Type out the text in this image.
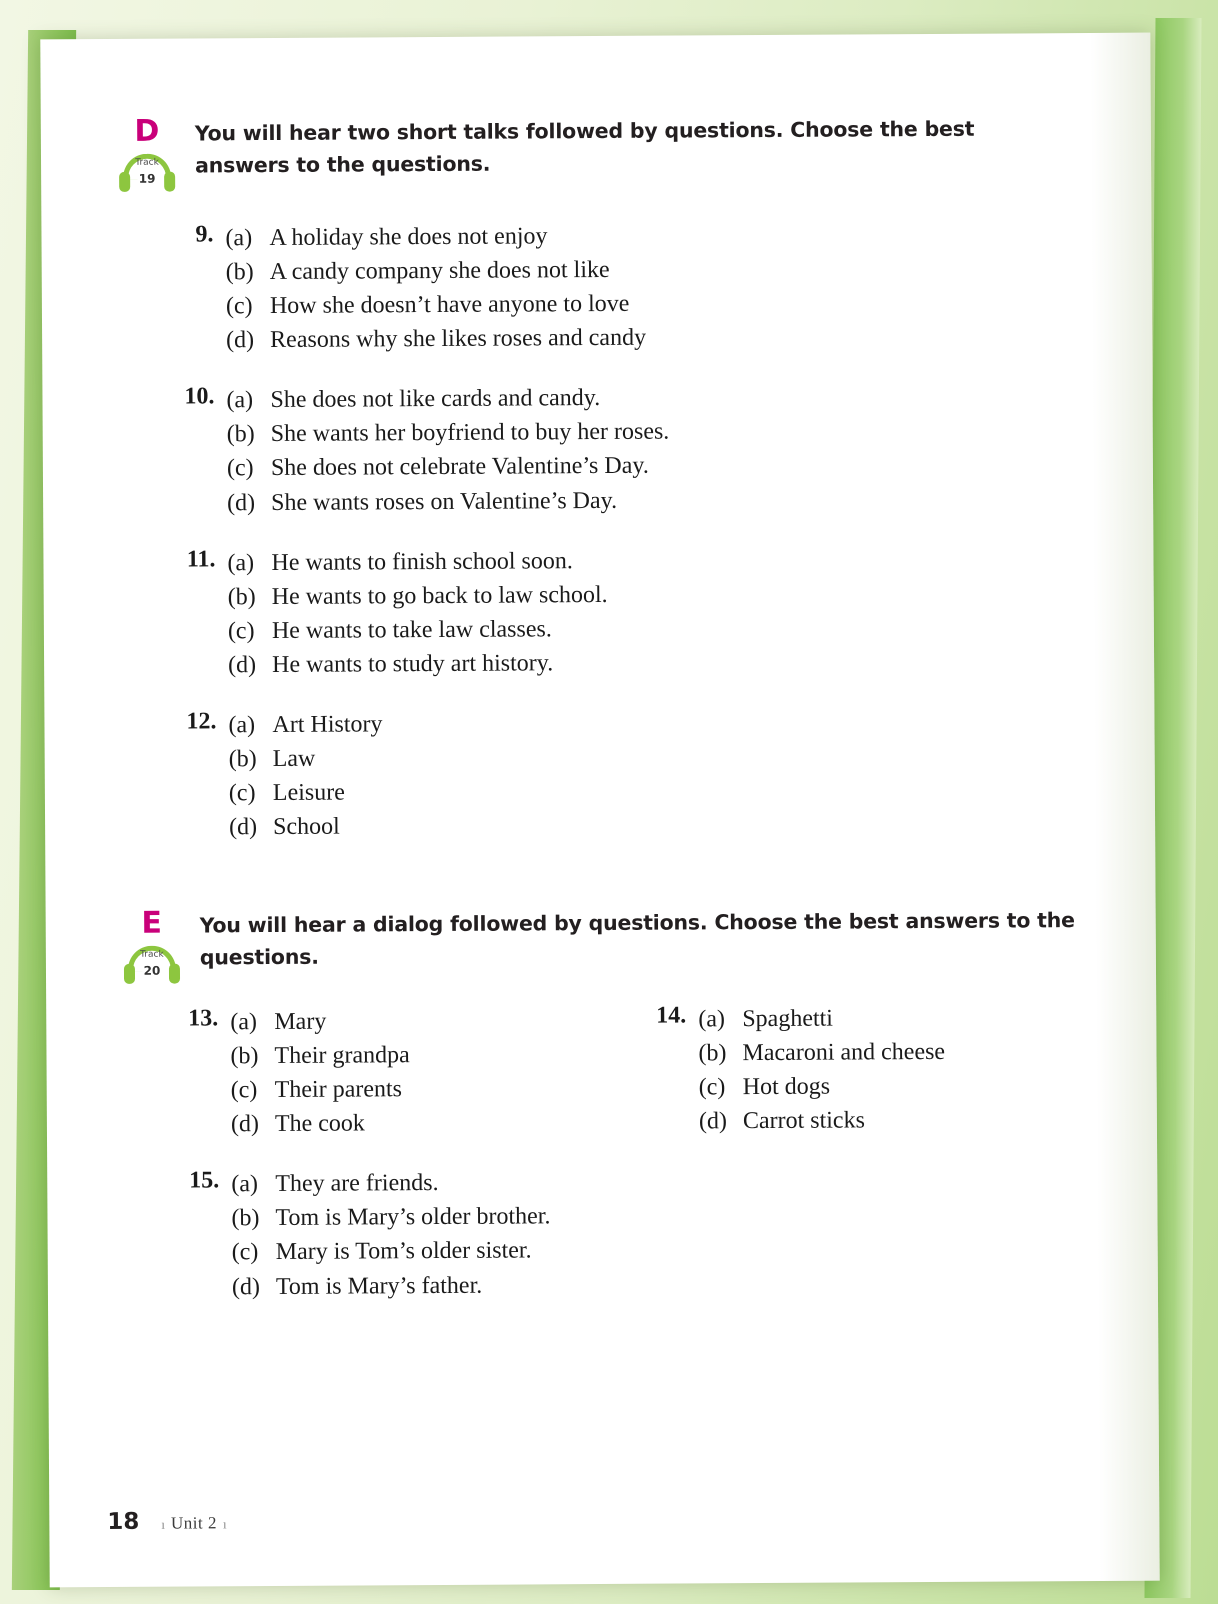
D
Track
19
You will hear two short talks followed by questions. Choose the best answers to the questions.
9. (a) A holiday she does not enjoy
(b) A candy company she does not like
(c) How she doesn’t have anyone to love
(d) Reasons why she likes roses and candy
10. (a) She does not like cards and candy.
(b) She wants her boyfriend to buy her roses.
(c) She does not celebrate Valentine’s Day.
(d) She wants roses on Valentine’s Day.
11. (a) He wants to finish school soon.
(b) He wants to go back to law school.
(c) He wants to take law classes.
(d) He wants to study art history.
12. (a) Art History
(b) Law
(c) Leisure
(d) School
E
Track
20
You will hear a dialog followed by questions. Choose the best answers to the questions.
13. (a) Mary
(b) Their grandpa
(c) Their parents
(d) The cook
14. (a) Spaghetti
(b) Macaroni and cheese
(c) Hot dogs
(d) Carrot sticks
15. (a) They are friends.
(b) Tom is Mary’s older brother.
(c) Mary is Tom’s older sister.
(d) Tom is Mary’s father.
18	ı Unit 2 ı
